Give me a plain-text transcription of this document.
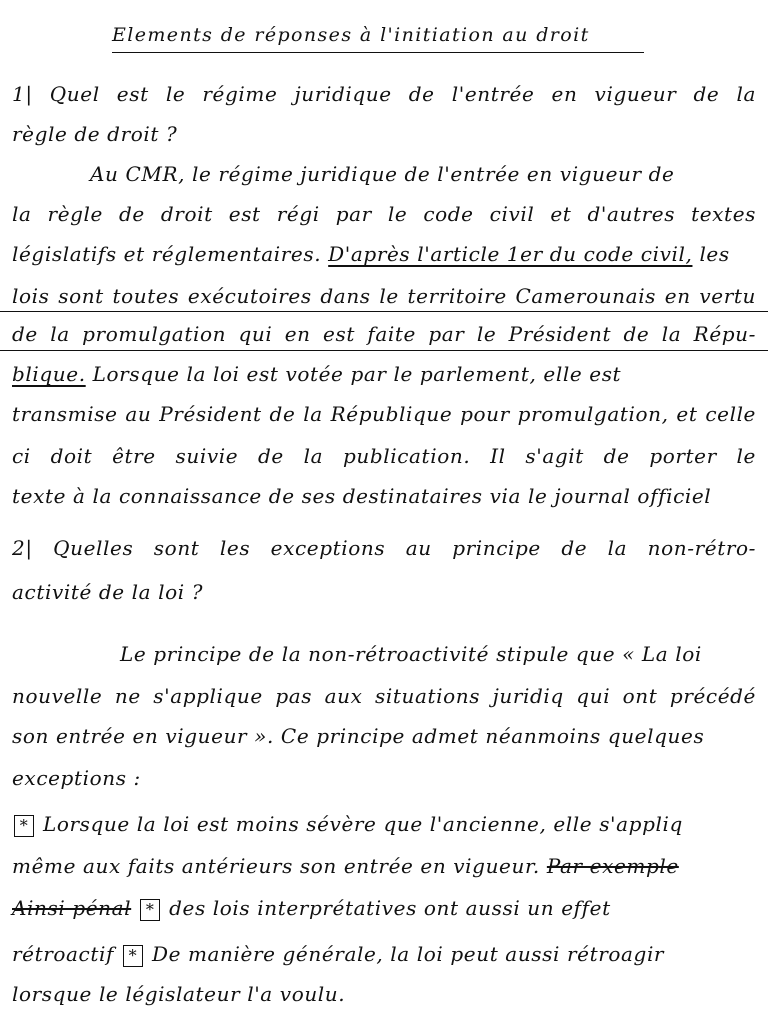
Elements de réponses à l'initiation au droit
1| Quel est le régime juridique de l'entrée en vigueur de la
règle de droit ?
Au CMR, le régime juridique de l'entrée en vigueur de
la règle de droit est régi par le code civil et d'autres textes
législatifs et réglementaires. D'après l'article 1er du code civil, les
lois sont toutes exécutoires dans le territoire Camerounais en vertu
de la promulgation qui en est faite par le Président de la Répu-
blique. Lorsque la loi est votée par le parlement, elle est
transmise au Président de la République pour promulgation, et celle
ci doit être suivie de la publication. Il s'agit de porter le
texte à la connaissance de ses destinataires via le journal officiel
2| Quelles sont les exceptions au principe de la non-rétro-
activité de la loi ?
Le principe de la non-rétroactivité stipule que « La loi
nouvelle ne s'applique pas aux situations juridiq qui ont précédé
son entrée en vigueur ». Ce principe admet néanmoins quelques
exceptions :
* Lorsque la loi est moins sévère que l'ancienne, elle s'appliq
même aux faits antérieurs son entrée en vigueur. Par exemple
Ainsi pénal * des lois interprétatives ont aussi un effet
rétroactif * De manière générale, la loi peut aussi rétroagir
lorsque le législateur l'a voulu.
